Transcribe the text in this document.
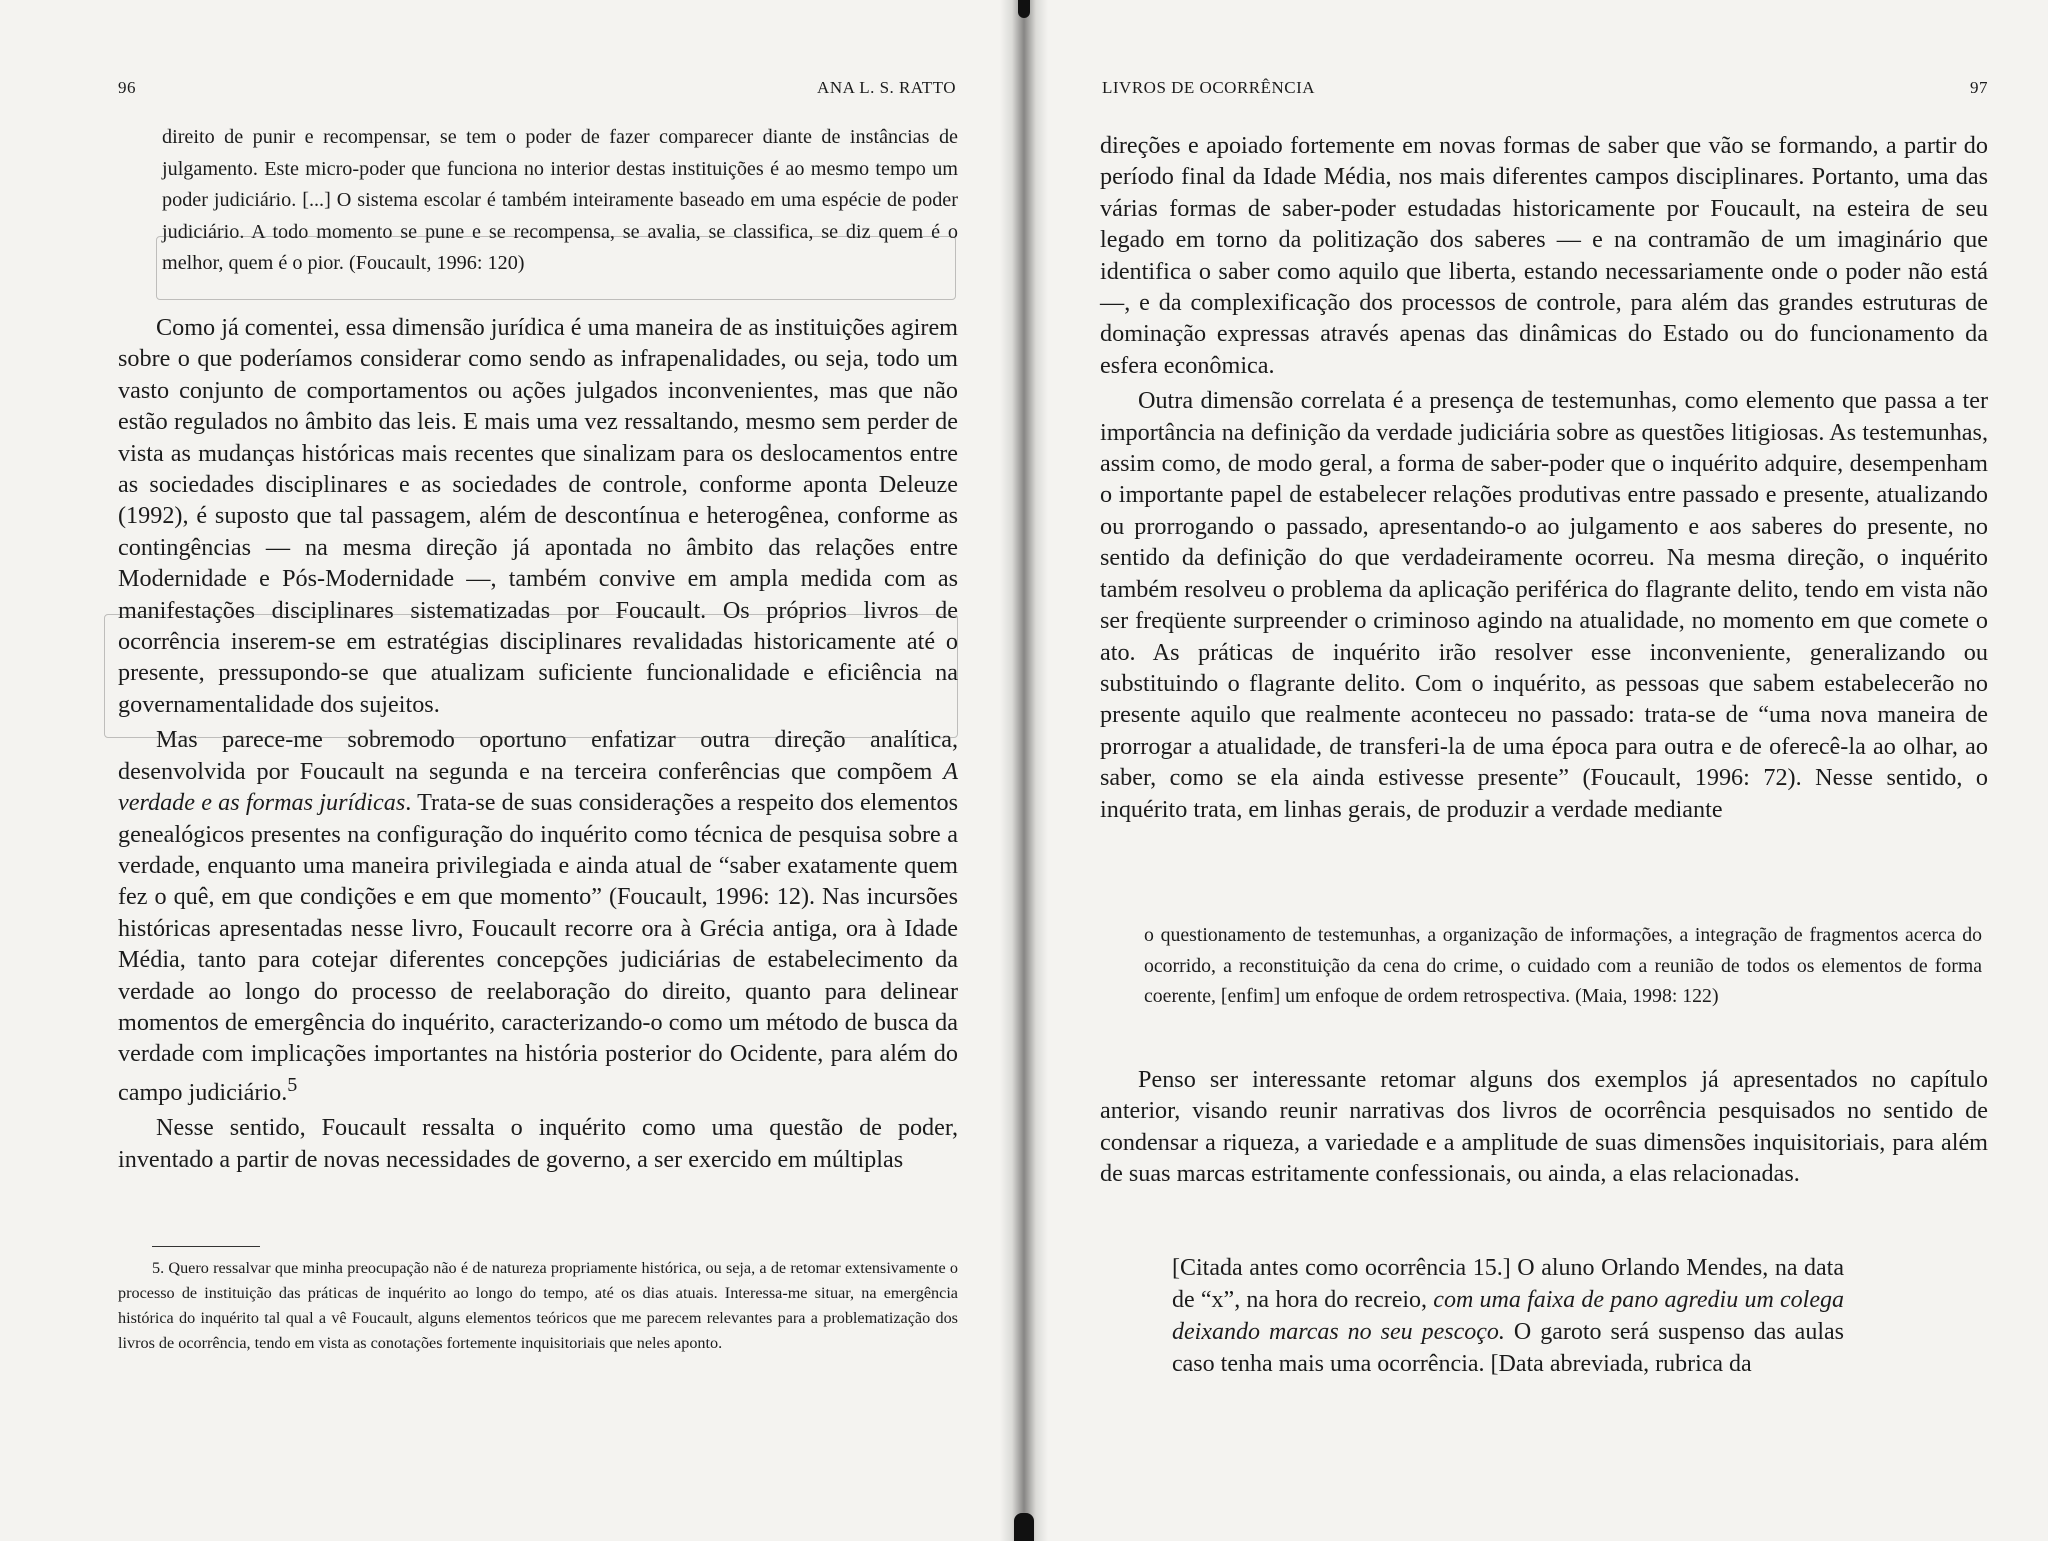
96	ANA L. S. RATTO

direito de punir e recompensar, se tem o poder de fazer comparecer diante de instâncias de julgamento. Este micro-poder que funciona no interior destas instituições é ao mesmo tempo um poder judiciário. [...] O sistema escolar é também inteiramente baseado em uma espécie de poder judiciário. A todo momento se pune e se recompensa, se avalia, se classifica, se diz quem é o melhor, quem é o pior. (Foucault, 1996: 120)

Como já comentei, essa dimensão jurídica é uma maneira de as instituições agirem sobre o que poderíamos considerar como sendo as infrapenalidades, ou seja, todo um vasto conjunto de comportamentos ou ações julgados inconvenientes, mas que não estão regulados no âmbito das leis. E mais uma vez ressaltando, mesmo sem perder de vista as mudanças históricas mais recentes que sinalizam para os deslocamentos entre as sociedades disciplinares e as sociedades de controle, conforme aponta Deleuze (1992), é suposto que tal passagem, além de descontínua e heterogênea, conforme as contingências — na mesma direção já apontada no âmbito das relações entre Modernidade e Pós-Modernidade —, também convive em ampla medida com as manifestações disciplinares sistematizadas por Foucault. Os próprios livros de ocorrência inserem-se em estratégias disciplinares revalidadas historicamente até o presente, pressupondo-se que atualizam suficiente funcionalidade e eficiência na governamentalidade dos sujeitos.

Mas parece-me sobremodo oportuno enfatizar outra direção analítica, desenvolvida por Foucault na segunda e na terceira conferências que compõem A verdade e as formas jurídicas. Trata-se de suas considerações a respeito dos elementos genealógicos presentes na configuração do inquérito como técnica de pesquisa sobre a verdade, enquanto uma maneira privilegiada e ainda atual de “saber exatamente quem fez o quê, em que condições e em que momento” (Foucault, 1996: 12). Nas incursões históricas apresentadas nesse livro, Foucault recorre ora à Grécia antiga, ora à Idade Média, tanto para cotejar diferentes concepções judiciárias de estabelecimento da verdade ao longo do processo de reelaboração do direito, quanto para delinear momentos de emergência do inquérito, caracterizando-o como um método de busca da verdade com implicações importantes na história posterior do Ocidente, para além do campo judiciário.$^5$

Nesse sentido, Foucault ressalta o inquérito como uma questão de poder, inventado a partir de novas necessidades de governo, a ser exercido em múltiplas

5. Quero ressalvar que minha preocupação não é de natureza propriamente histórica, ou seja, a de retomar extensivamente o processo de instituição das práticas de inquérito ao longo do tempo, até os dias atuais. Interessa-me situar, na emergência histórica do inquérito tal qual a vê Foucault, alguns elementos teóricos que me parecem relevantes para a problematização dos livros de ocorrência, tendo em vista as conotações fortemente inquisitoriais que neles aponto.

LIVROS DE OCORRÊNCIA	97

direções e apoiado fortemente em novas formas de saber que vão se formando, a partir do período final da Idade Média, nos mais diferentes campos disciplinares. Portanto, uma das várias formas de saber-poder estudadas historicamente por Foucault, na esteira de seu legado em torno da politização dos saberes — e na contramão de um imaginário que identifica o saber como aquilo que liberta, estando necessariamente onde o poder não está —, e da complexificação dos processos de controle, para além das grandes estruturas de dominação expressas através apenas das dinâmicas do Estado ou do funcionamento da esfera econômica.

Outra dimensão correlata é a presença de testemunhas, como elemento que passa a ter importância na definição da verdade judiciária sobre as questões litigiosas. As testemunhas, assim como, de modo geral, a forma de saber-poder que o inquérito adquire, desempenham o importante papel de estabelecer relações produtivas entre passado e presente, atualizando ou prorrogando o passado, apresentando-o ao julgamento e aos saberes do presente, no sentido da definição do que verdadeiramente ocorreu. Na mesma direção, o inquérito também resolveu o problema da aplicação periférica do flagrante delito, tendo em vista não ser freqüente surpreender o criminoso agindo na atualidade, no momento em que comete o ato. As práticas de inquérito irão resolver esse inconveniente, generalizando ou substituindo o flagrante delito. Com o inquérito, as pessoas que sabem estabelecerão no presente aquilo que realmente aconteceu no passado: trata-se de “uma nova maneira de prorrogar a atualidade, de transferi-la de uma época para outra e de oferecê-la ao olhar, ao saber, como se ela ainda estivesse presente” (Foucault, 1996: 72). Nesse sentido, o inquérito trata, em linhas gerais, de produzir a verdade mediante

o questionamento de testemunhas, a organização de informações, a integração de fragmentos acerca do ocorrido, a reconstituição da cena do crime, o cuidado com a reunião de todos os elementos de forma coerente, [enfim] um enfoque de ordem retrospectiva. (Maia, 1998: 122)

Penso ser interessante retomar alguns dos exemplos já apresentados no capítulo anterior, visando reunir narrativas dos livros de ocorrência pesquisados no sentido de condensar a riqueza, a variedade e a amplitude de suas dimensões inquisitoriais, para além de suas marcas estritamente confessionais, ou ainda, a elas relacionadas.

[Citada antes como ocorrência 15.] O aluno Orlando Mendes, na data de “x”, na hora do recreio, com uma faixa de pano agrediu um colega deixando marcas no seu pescoço. O garoto será suspenso das aulas caso tenha mais uma ocorrência. [Data abreviada, rubrica da
